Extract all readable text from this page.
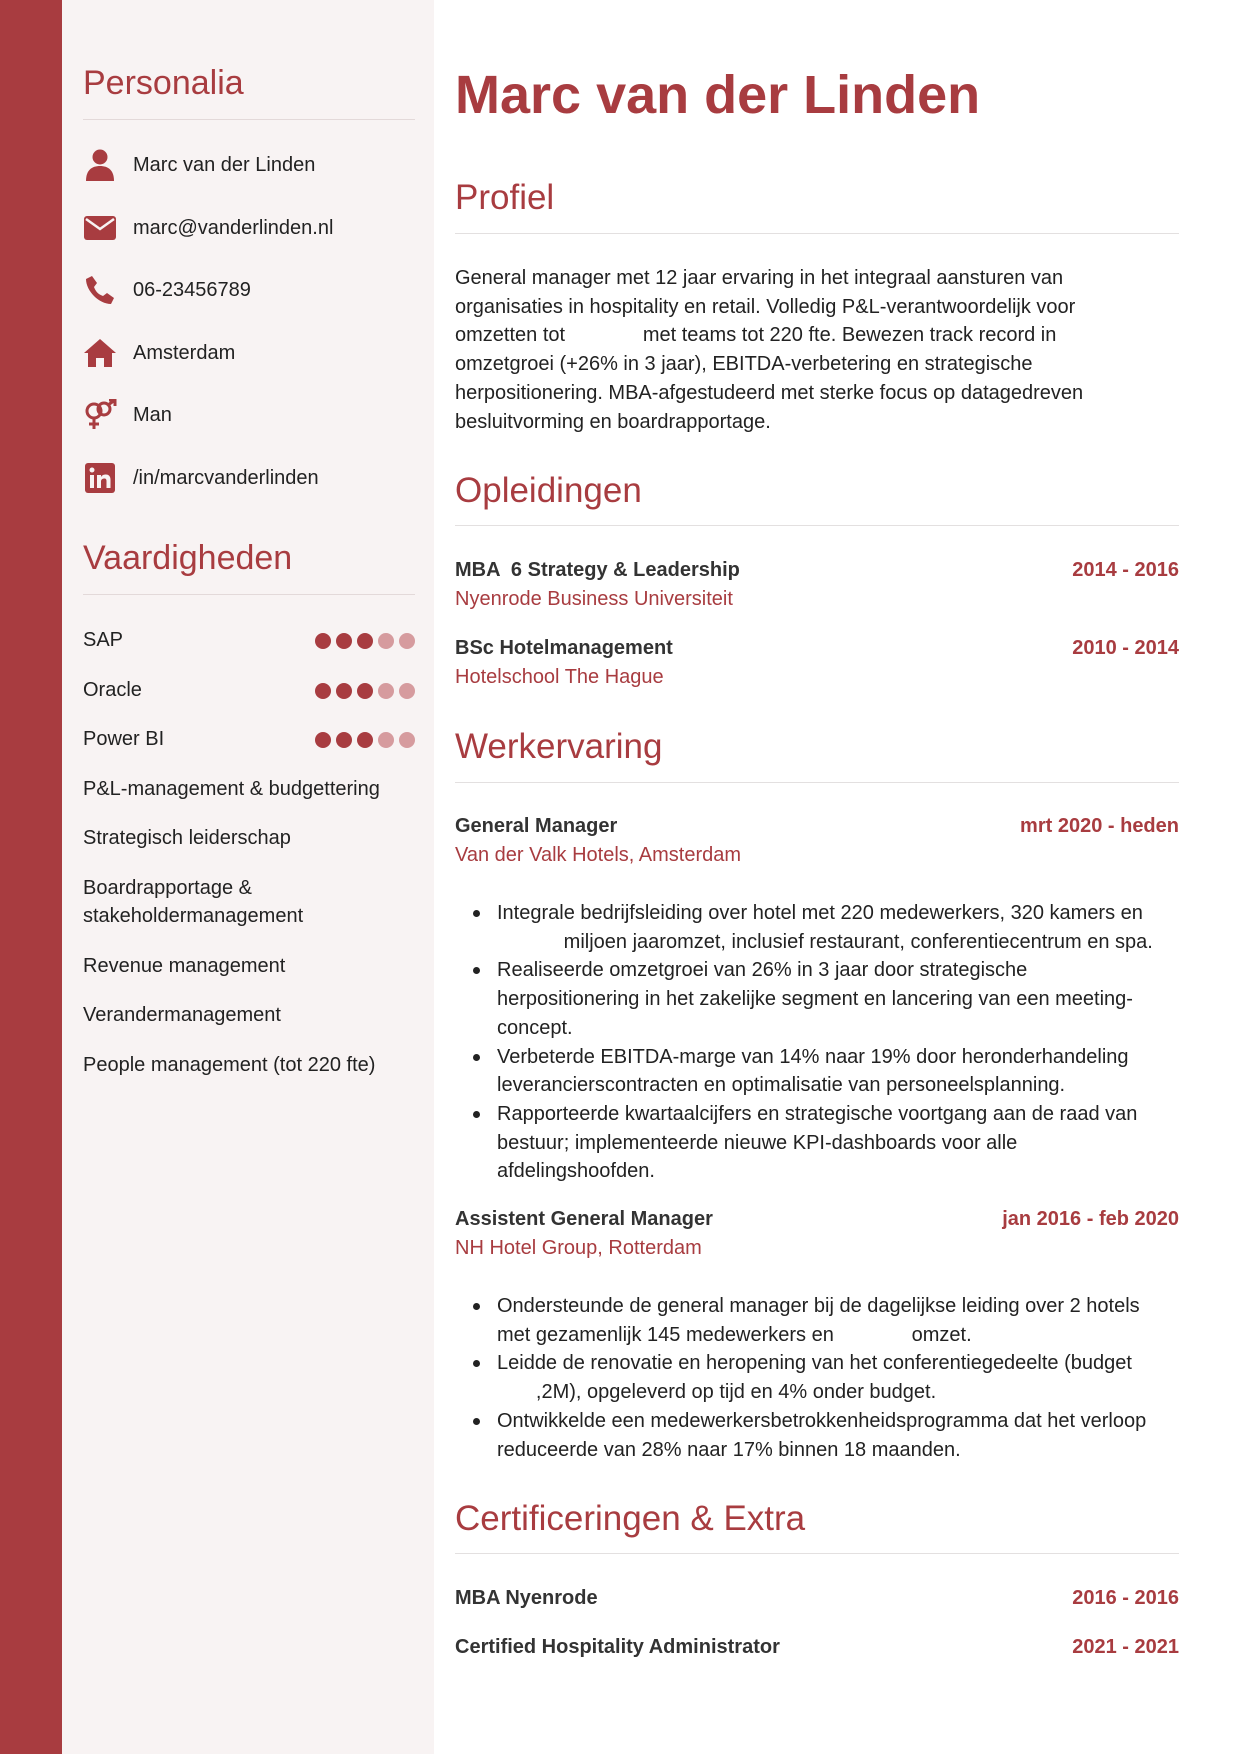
Personalia
Marc van der Linden
marc@vanderlinden.nl
06-23456789
Amsterdam
Man
/in/marcvanderlinden
Vaardigheden
SAP
Oracle
Power BI
P&L-management & budgettering
Strategisch leiderschap
Boardrapportage & stakeholdermanagement
Revenue management
Verandermanagement
People management (tot 220 fte)
Marc van der Linden
Profiel
General manager met 12 jaar ervaring in het integraal aansturen van
organisaties in hospitality en retail. Volledig P&L-verantwoordelijk voor
omzetten tot              met teams tot 220 fte. Bewezen track record in
omzetgroei (+26% in 3 jaar), EBITDA-verbetering en strategische
herpositionering. MBA-afgestudeerd met sterke focus op datagedreven
besluitvorming en boardrapportage.
Opleidingen
MBA  6 Strategy & Leadership	2014 - 2016
Nyenrode Business Universiteit
BSc Hotelmanagement	2010 - 2014
Hotelschool The Hague
Werkervaring
General Manager	mrt 2020 - heden
Van der Valk Hotels, Amsterdam
Integrale bedrijfsleiding over hotel met 220 medewerkers, 320 kamers en
miljoen jaaromzet, inclusief restaurant, conferentiecentrum en spa.
Realiseerde omzetgroei van 26% in 3 jaar door strategische
herpositionering in het zakelijke segment en lancering van een meeting-
concept.
Verbeterde EBITDA-marge van 14% naar 19% door heronderhandeling
leverancierscontracten en optimalisatie van personeelsplanning.
Rapporteerde kwartaalcijfers en strategische voortgang aan de raad van
bestuur; implementeerde nieuwe KPI-dashboards voor alle
afdelingshoofden.
Assistent General Manager	jan 2016 - feb 2020
NH Hotel Group, Rotterdam
Ondersteunde de general manager bij de dagelijkse leiding over 2 hotels
met gezamenlijk 145 medewerkers en              omzet.
Leidde de renovatie en heropening van het conferentiegedeelte (budget
,2M), opgeleverd op tijd en 4% onder budget.
Ontwikkelde een medewerkersbetrokkenheidsprogramma dat het verloop
reduceerde van 28% naar 17% binnen 18 maanden.
Certificeringen & Extra
MBA Nyenrode	2016 - 2016
Certified Hospitality Administrator	2021 - 2021
